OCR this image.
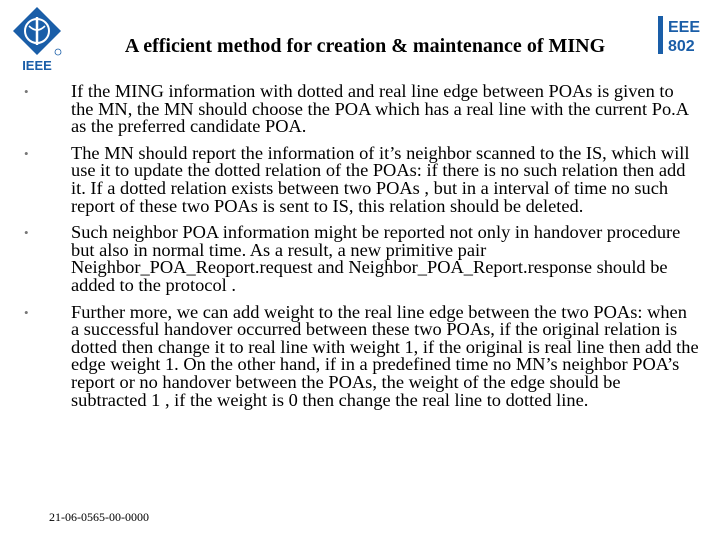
IEEE
EEE
802
A efficient method for creation & maintenance of MING
• If the MING information with dotted and real line edge between POAs is given to the MN, the MN should choose the POA which has a real line with the current Po.A as the preferred candidate POA.
• The MN should report the information of it’s neighbor scanned to the IS, which will use it to update the dotted relation of the POAs: if there is no such relation then add it. If a dotted relation exists between two POAs , but in a interval of time no such report of these two POAs is sent to IS, this relation should be deleted.
• Such neighbor POA information might be reported not only in handover procedure but also in normal time. As a result, a new primitive pair Neighbor_POA_Reoport.request and Neighbor_POA_Report.response should be added to the protocol .
• Further more, we can add weight to the real line edge between the two POAs: when a successful handover occurred between these two POAs, if the original relation is dotted then change it to real line with weight 1, if the original is real line then add the edge weight 1. On the other hand, if in a predefined time no MN’s neighbor POA’s report or no handover between the POAs, the weight of the edge should be subtracted 1 , if the weight is 0 then change the real line to dotted line.
21-06-0565-00-0000
